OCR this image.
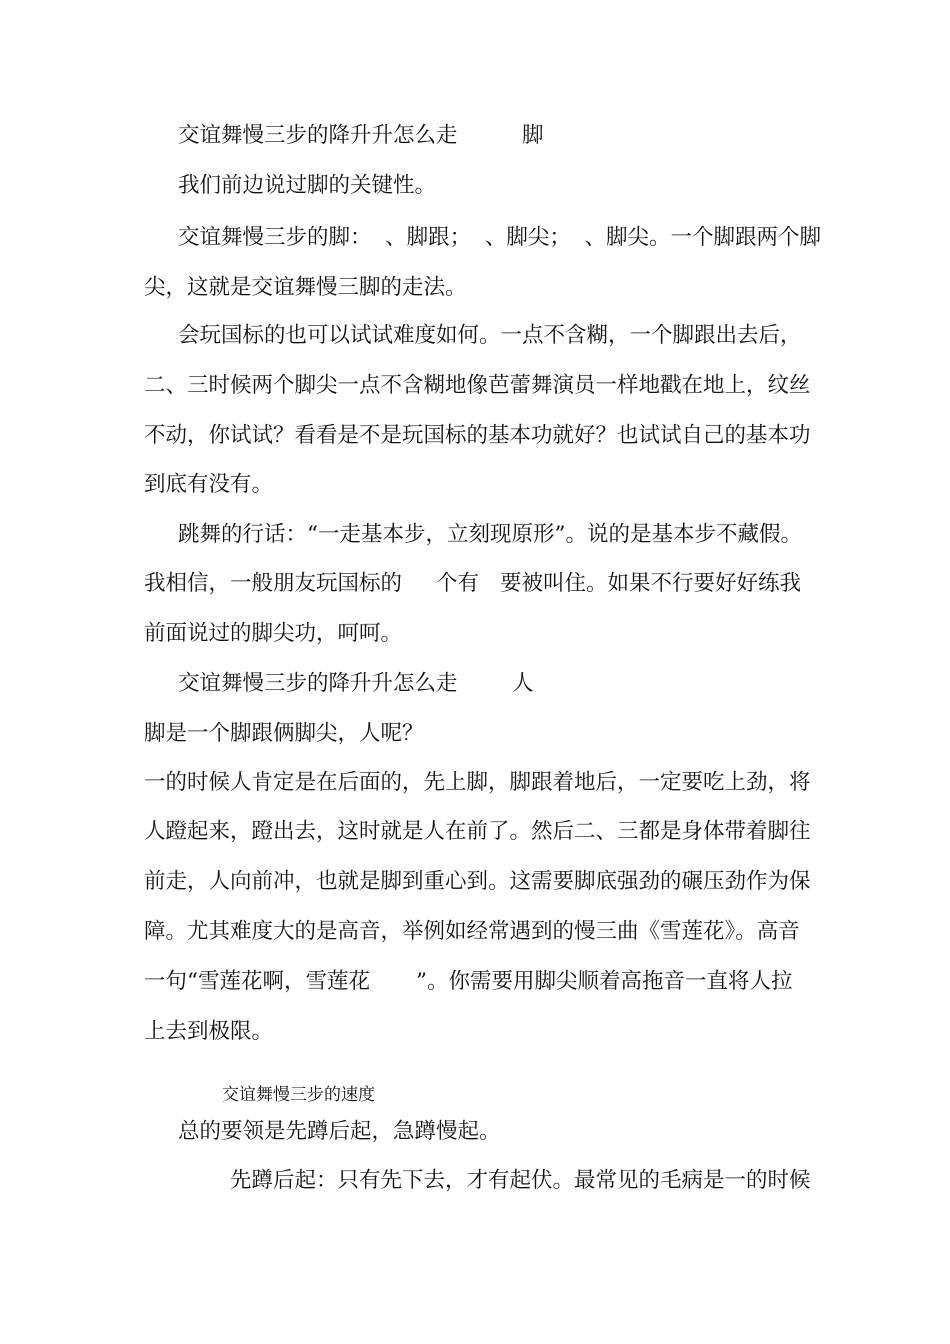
交谊舞慢三步的降升升怎么走	脚
我们前边说过脚的关键性。
交谊舞慢三步的脚：  、脚跟；  、脚尖；  、脚尖。一个脚跟两个脚
尖，这就是交谊舞慢三脚的走法。
会玩国标的也可以试试难度如何。一点不含糊，一个脚跟出去后，
二、三时候两个脚尖一点不含糊地像芭蕾舞演员一样地戳在地上，纹丝
不动，你试试？看看是不是玩国标的基本功就好？也试试自己的基本功
到底有没有。
跳舞的行话：“一走基本步，立刻现原形”。说的是基本步不藏假。
我相信，一般朋友玩国标的 个有 要被叫住。如果不行要好好练我
前面说过的脚尖功，呵呵。
交谊舞慢三步的降升升怎么走	人
脚是一个脚跟俩脚尖，人呢？
一的时候人肯定是在后面的，先上脚，脚跟着地后，一定要吃上劲，将
人蹬起来，蹬出去，这时就是人在前了。然后二、三都是身体带着脚往
前走，人向前冲，也就是脚到重心到。这需要脚底强劲的碾压劲作为保
障。尤其难度大的是高音，举例如经常遇到的慢三曲《雪莲花》。高音
一句“雪莲花啊，雪莲花 ”。你需要用脚尖顺着高拖音一直将人拉
上去到极限。
交谊舞慢三步的速度
总的要领是先蹲后起，急蹲慢起。
先蹲后起：只有先下去，才有起伏。最常见的毛病是一的时候
